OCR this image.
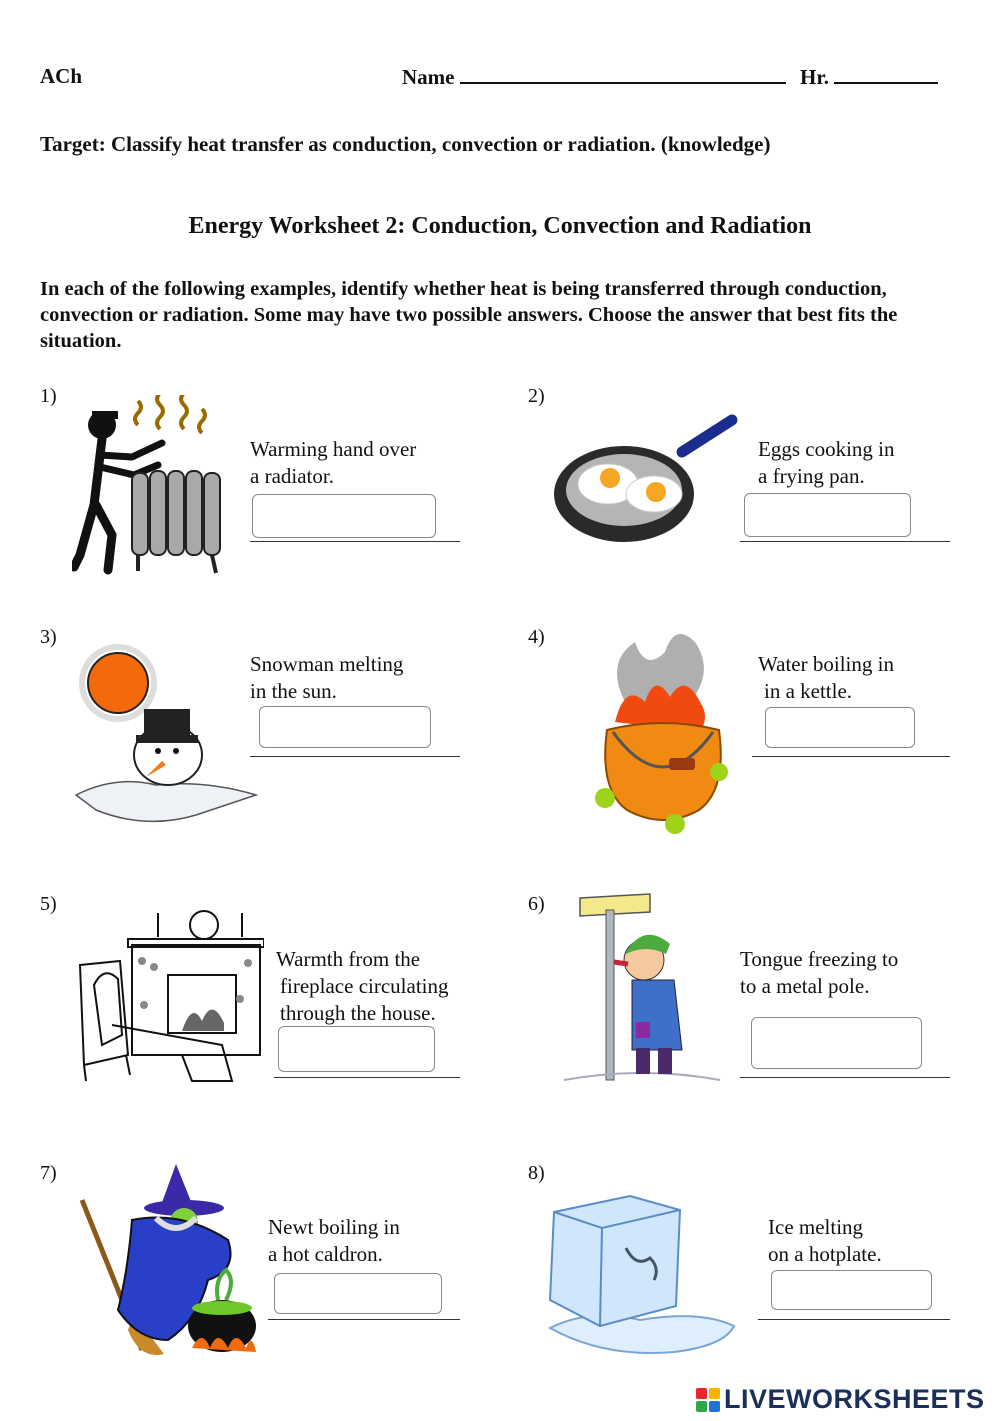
ACh	Name	Hr.
Target: Classify heat transfer as conduction, convection or radiation. (knowledge)
Energy Worksheet 2: Conduction, Convection and Radiation
In each of the following examples, identify whether heat is being transferred through conduction, convection or radiation. Some may have two possible answers. Choose the answer that best fits the situation.
1)
Warming hand over
a radiator.
2)
Eggs cooking in
a frying pan.
3)
Snowman melting
in the sun.
4)
Water boiling in
in a kettle.
5)
Warmth from the
fireplace circulating
through the house.
6)
Tongue freezing to
to a metal pole.
7)
Newt boiling in
a hot caldron.
8)
Ice melting
on a hotplate.
LIVEWORKSHEETS
